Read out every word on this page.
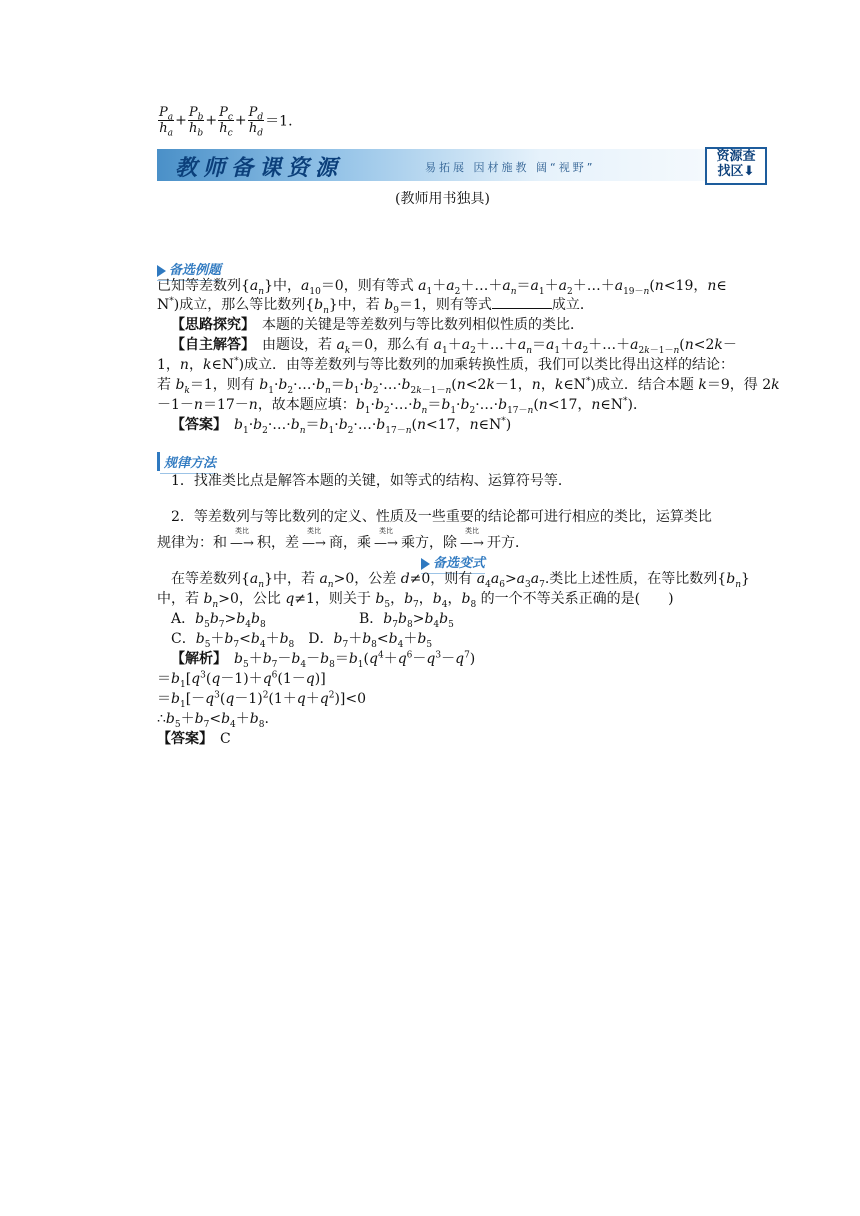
$\frac{P_a}{h_a} + \frac{P_b}{h_b} + \frac{P_c}{h_c} + \frac{P_d}{h_d} =1$.
教师备课资源	易拓展 因材施教 阔“视野”
资源查
找区⬇
(教师用书独具)
备选例题
已知等差数列$\{a_n\}$中，$a_{10}=0$，则有等式 $a_1+a_2+\dots+a_n=a_1+a_2+\dots+a_{19-n}(n<19$，n∈
N*)成立，那么等比数列$\{b_n\}$中，若 $b_9=1$，则有等式	成立．
【思路探究】　 本题的关键是等差数列与等比数列相似性质的类比．
【自主解答】　由题设，若 $a_k=0$，那么有 $a_1+a_2+\dots+a_n=a_1+a_2+\dots+a_{2k-1-n}(n<2k-$
1，n，k∈N*)成立．由等差数列与等比数列的加乘转换性质，我们可以类比得出这样的结论：
若 $b_k=1$，则有 $b_1\cdot b_2\cdot\dots\cdot b_n=b_1\cdot b_2\cdot\dots\cdot b_{2k-1-n}(n<2k-1$，n，k∈N*)成立．结合本题 k＝9，得 2k
－1－n＝17－n，故本题应填：$b_1\cdot b_2\cdot\dots\cdot b_n=b_1\cdot b_2\cdot\dots\cdot b_{17-n}(n<17$，n∈N*)．
【答案】　 $b_1\cdot b_2\cdot\dots\cdot b_n=b_1\cdot b_2\cdot\dots\cdot b_{17-n}(n<17$，n∈N*)
规律方法
1．找准类比点是解答本题的关键，如等式的结构、运算符号等．
2．等差数列与等比数列的定义、性质及一些重要的结论都可进行相应的类比，运算类比
规律为：和
类比
—→ 积，差
类比
—→ 商，乘
类比
—→ 乘方，除
类比
—→ 开方．
备选变式
在等差数列$\{a_n\}$中，若 $a_n>0$，公差 d≠0，则有 $a_4a_6>a_3a_7$.类比上述性质，在等比数列$\{b_n\}$
中，若 $b_n>0$，公比 q≠1，则关于 $b_5$，$b_7$，$b_4$，$b_8$ 的一个不等关系正确的是(　　)
A．$b_5b_7>b_4b_8$	B．$b_7b_8>b_4b_5$
C．$b_5+b_7<b_4+b_8$　 D．$b_7+b_8<b_4+b_5$
【解析】　 $b_5+b_7-b_4-b_8=b_1(q^4+q^6-q^3-q^7)$
$=b_1[q^3(q-1)+q^6(1-q)]$
$=b_1[-q^3(q-1)^2(1+q+q^2)]<0$
$\therefore b_5+b_7<b_4+b_8$.
【答案】　 C
